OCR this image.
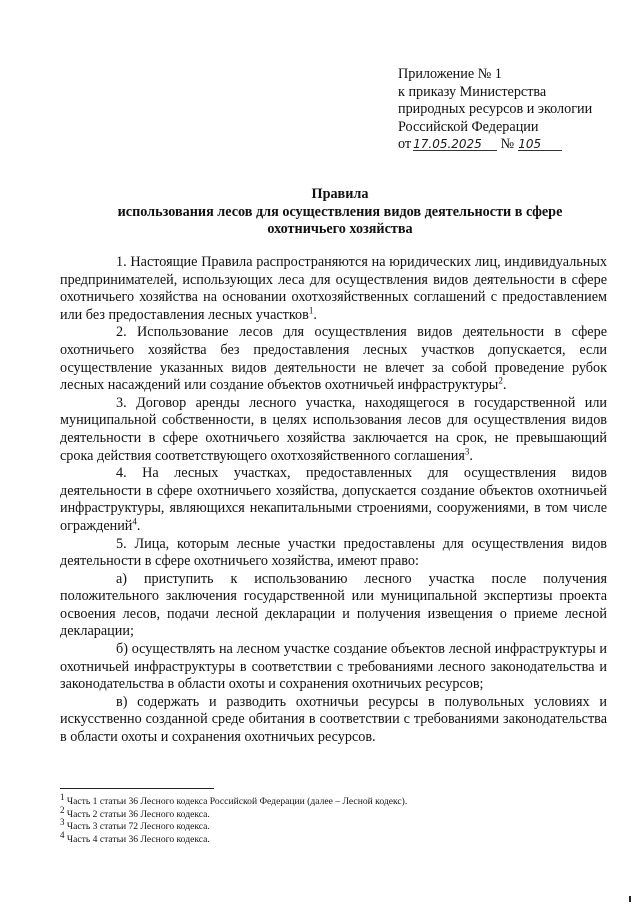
Приложение № 1
к приказу Министерства
природных ресурсов и экологии
Российской Федерации
от 17.05.2025 № 105
Правила
использования лесов для осуществления видов деятельности в сфере
охотничьего хозяйства

1. Настоящие Правила распространяются на юридических лиц, индивидуальных предпринимателей, использующих леса для осуществления видов деятельности в сфере охотничьего хозяйства на основании охотхозяйственных соглашений с предоставлением или без предоставления лесных участков$^1$.

2. Использование лесов для осуществления видов деятельности в сфере охотничьего хозяйства без предоставления лесных участков допускается, если осуществление указанных видов деятельности не влечет за собой проведение рубок лесных насаждений или создание объектов охотничьей инфраструктуры$^2$.

3. Договор аренды лесного участка, находящегося в государственной или муниципальной собственности, в целях использования лесов для осуществления видов деятельности в сфере охотничьего хозяйства заключается на срок, не превышающий срока действия соответствующего охотхозяйственного соглашения$^3$.

4. На лесных участках, предоставленных для осуществления видов деятельности в сфере охотничьего хозяйства, допускается создание объектов охотничьей инфраструктуры, являющихся некапитальными строениями, сооружениями, в том числе ограждений$^4$.

5. Лица, которым лесные участки предоставлены для осуществления видов деятельности в сфере охотничьего хозяйства, имеют право:

а) приступить к использованию лесного участка после получения положительного заключения государственной или муниципальной экспертизы проекта освоения лесов, подачи лесной декларации и получения извещения о приеме лесной декларации;

б) осуществлять на лесном участке создание объектов лесной инфраструктуры и охотничьей инфраструктуры в соответствии с требованиями лесного законодательства и законодательства в области охоты и сохранения охотничьих ресурсов;

в) содержать и разводить охотничьи ресурсы в полувольных условиях и искусственно созданной среде обитания в соответствии с требованиями законодательства в области охоты и сохранения охотничьих ресурсов.

$^1$ Часть 1 статьи 36 Лесного кодекса Российской Федерации (далее – Лесной кодекс).
$^2$ Часть 2 статьи 36 Лесного кодекса.
$^3$ Часть 3 статьи 72 Лесного кодекса.
$^4$ Часть 4 статьи 36 Лесного кодекса.
